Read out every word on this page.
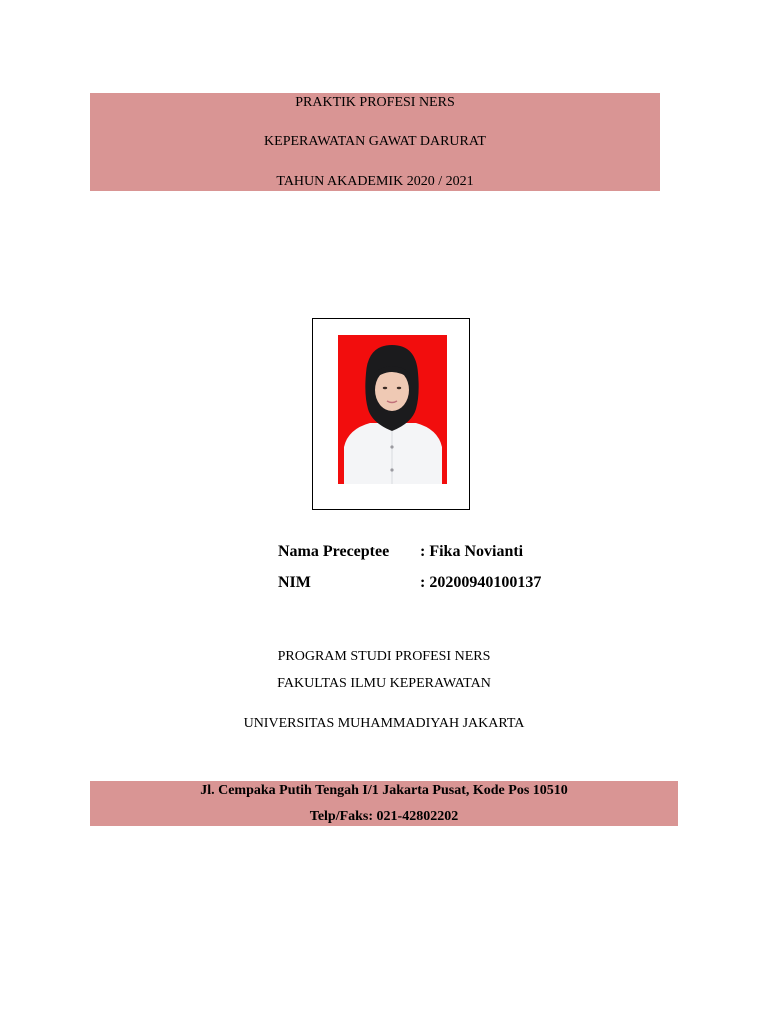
PRAKTIK PROFESI NERS
KEPERAWATAN GAWAT DARURAT
TAHUN AKADEMIK 2020 / 2021
Nama Preceptee : Fika Novianti
NIM	: 20200940100137
PROGRAM STUDI PROFESI NERS
FAKULTAS ILMU KEPERAWATAN
UNIVERSITAS MUHAMMADIYAH JAKARTA
Jl. Cempaka Putih Tengah I/1 Jakarta Pusat, Kode Pos 10510
Telp/Faks: 021-42802202
